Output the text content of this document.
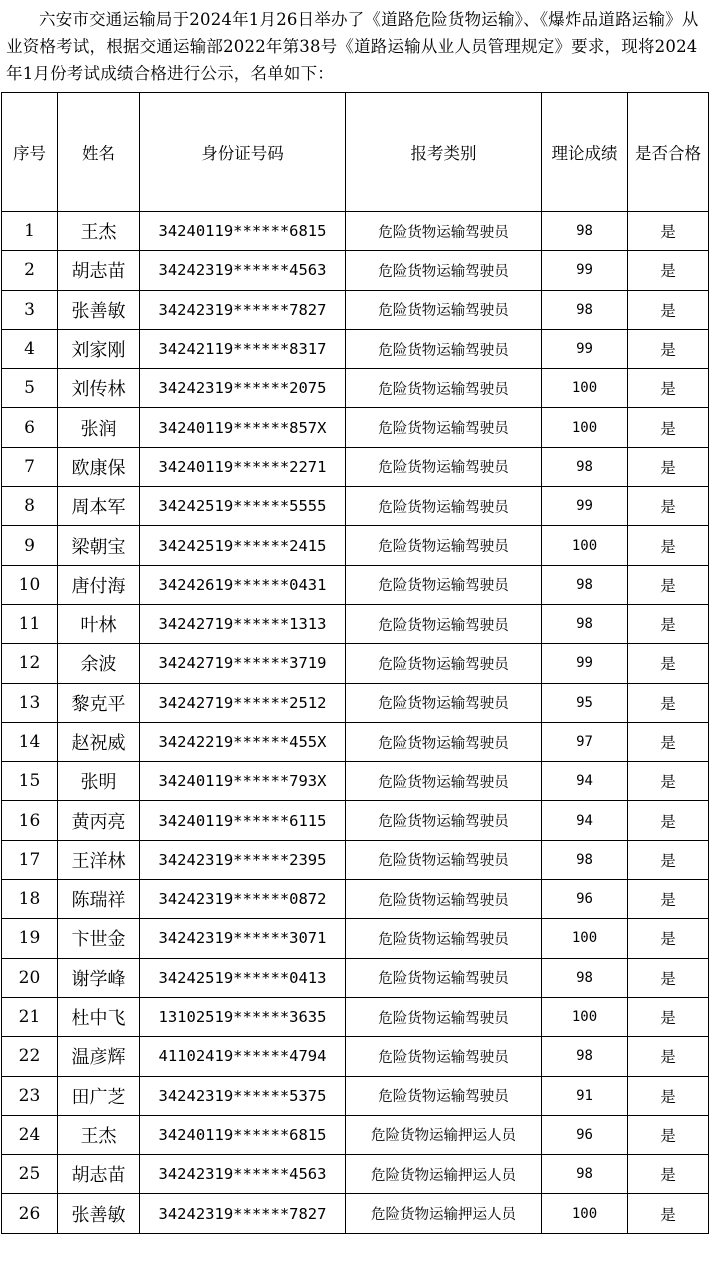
六安市交通运输局于2024年1月26日举办了《道路危险货物运输》、《爆炸品道路运输》从业资格考试，根据交通运输部2022年第38号《道路运输从业人员管理规定》要求，现将2024年1月份考试成绩合格进行公示，名单如下：

序号	姓名	身份证号码	报考类别	理论成绩	是否合格
1	王杰	34240119******6815	危险货物运输驾驶员	98	是
2	胡志苗	34242319******4563	危险货物运输驾驶员	99	是
3	张善敏	34242319******7827	危险货物运输驾驶员	98	是
4	刘家刚	34242119******8317	危险货物运输驾驶员	99	是
5	刘传林	34242319******2075	危险货物运输驾驶员	100	是
6	张润	34240119******857X	危险货物运输驾驶员	100	是
7	欧康保	34240119******2271	危险货物运输驾驶员	98	是
8	周本军	34242519******5555	危险货物运输驾驶员	99	是
9	梁朝宝	34242519******2415	危险货物运输驾驶员	100	是
10	唐付海	34242619******0431	危险货物运输驾驶员	98	是
11	叶林	34242719******1313	危险货物运输驾驶员	98	是
12	余波	34242719******3719	危险货物运输驾驶员	99	是
13	黎克平	34242719******2512	危险货物运输驾驶员	95	是
14	赵祝威	34242219******455X	危险货物运输驾驶员	97	是
15	张明	34240119******793X	危险货物运输驾驶员	94	是
16	黄丙亮	34240119******6115	危险货物运输驾驶员	94	是
17	王洋林	34242319******2395	危险货物运输驾驶员	98	是
18	陈瑞祥	34242319******0872	危险货物运输驾驶员	96	是
19	卞世金	34242319******3071	危险货物运输驾驶员	100	是
20	谢学峰	34242519******0413	危险货物运输驾驶员	98	是
21	杜中飞	13102519******3635	危险货物运输驾驶员	100	是
22	温彦辉	41102419******4794	危险货物运输驾驶员	98	是
23	田广芝	34242319******5375	危险货物运输驾驶员	91	是
24	王杰	34240119******6815	危险货物运输押运人员	96	是
25	胡志苗	34242319******4563	危险货物运输押运人员	98	是
26	张善敏	34242319******7827	危险货物运输押运人员	100	是
